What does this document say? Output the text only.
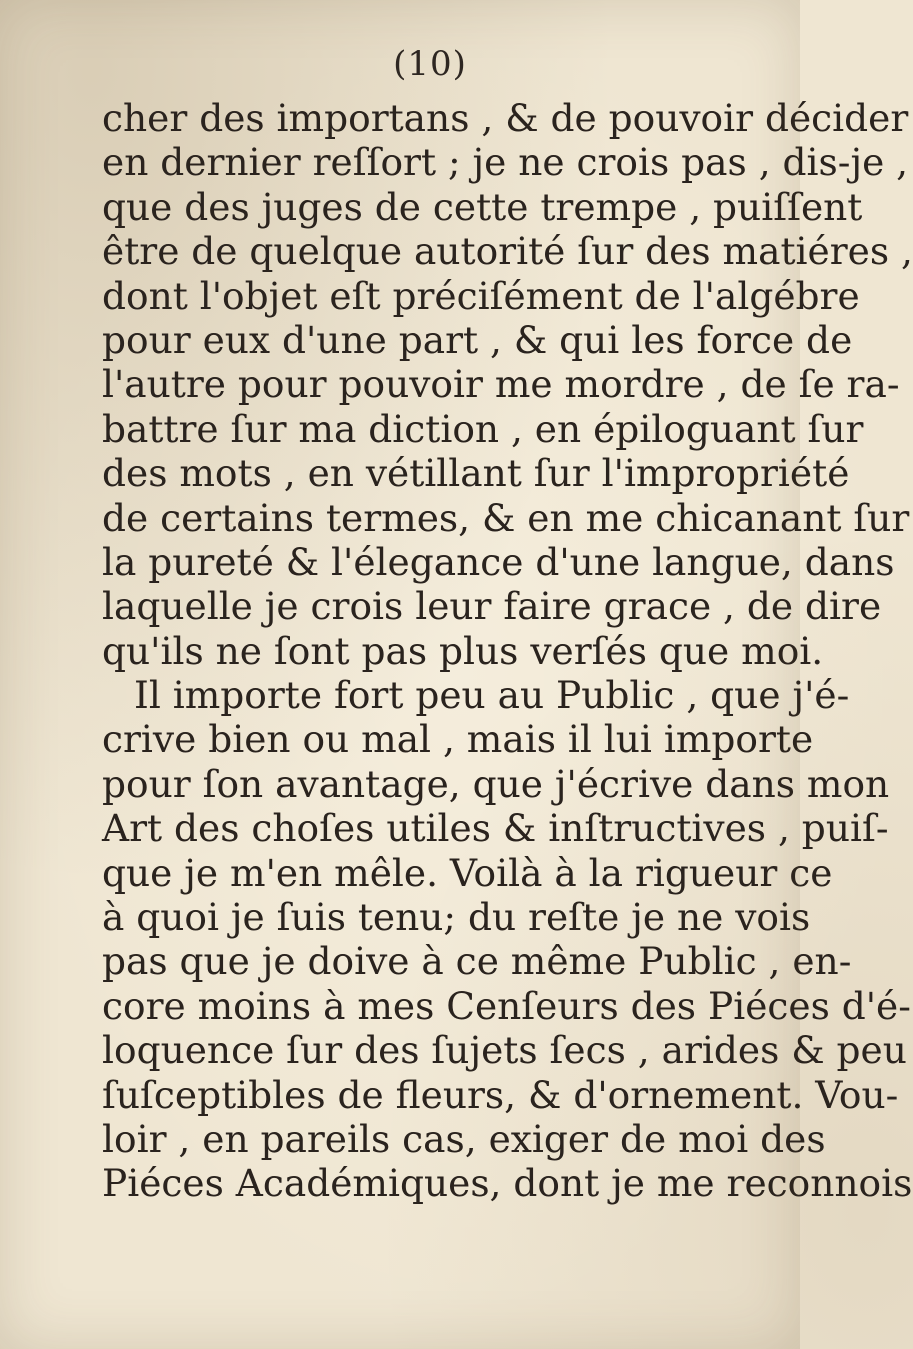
(10)
cher des importans , & de pouvoir décider
en dernier reſſort ; je ne crois pas , dis-je ,
que des juges de cette trempe , puiſſent
être de quelque autorité ſur des matiéres ,
dont l'objet eſt préciſément de l'algébre
pour eux d'une part , & qui les force de
l'autre pour pouvoir me mordre , de ſe ra-
battre ſur ma diction , en épiloguant ſur
des mots , en vétillant ſur l'impropriété
de certains termes, & en me chicanant ſur
la pureté & l'élegance d'une langue, dans
laquelle je crois leur faire grace , de dire
qu'ils ne ſont pas plus verſés que moi.
Il importe fort peu au Public , que j'é-
crive bien ou mal , mais il lui importe
pour ſon avantage, que j'écrive dans mon
Art des choſes utiles & inſtructives , puiſ-
que je m'en mêle. Voilà à la rigueur ce
à quoi je ſuis tenu; du reſte je ne vois
pas que je doive à ce même Public , en-
core moins à mes Cenſeurs des Piéces d'é-
loquence ſur des ſujets ſecs , arides & peu
ſuſceptibles de fleurs, & d'ornement. Vou-
loir , en pareils cas, exiger de moi des
Piéces Académiques, dont je me reconnois
